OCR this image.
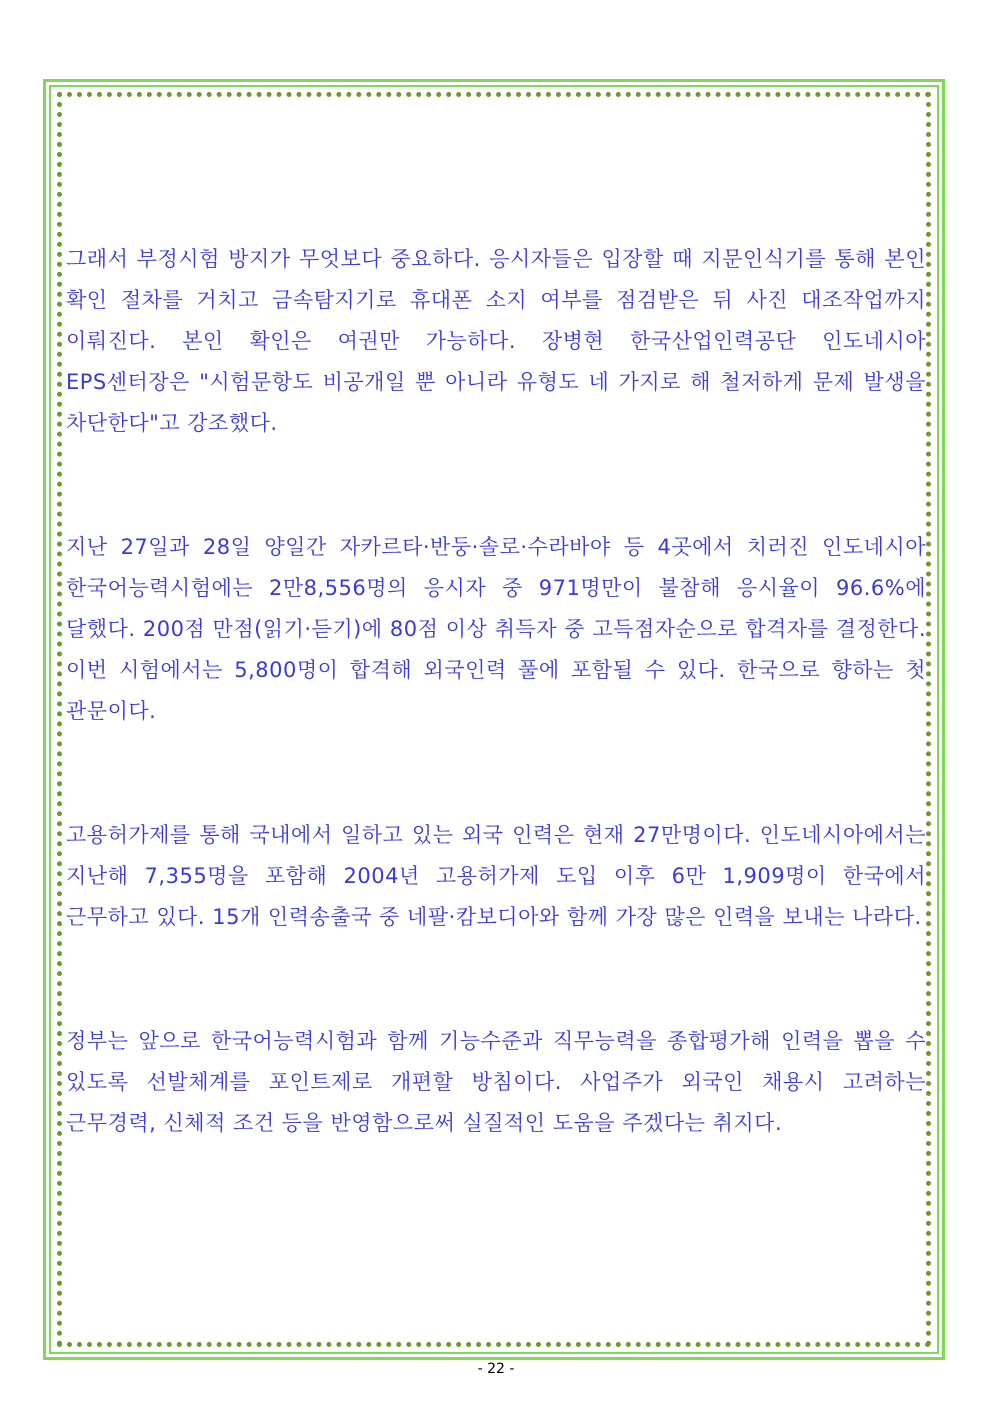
그래서 부정시험 방지가 무엇보다 중요하다. 응시자들은 입장할 때 지문인식기를 통해 본인 확인 절차를 거치고 금속탐지기로 휴대폰 소지 여부를 점검받은 뒤 사진 대조작업까지 이뤄진다. 본인 확인은 여권만 가능하다. 장병현 한국산업인력공단 인도네시아 EPS센터장은 "시험문항도 비공개일 뿐 아니라 유형도 네 가지로 해 철저하게 문제 발생을 차단한다"고 강조했다.

지난 27일과 28일 양일간 자카르타·반둥·솔로·수라바야 등 4곳에서 치러진 인도네시아 한국어능력시험에는 2만8,556명의 응시자 중 971명만이 불참해 응시율이 96.6%에 달했다. 200점 만점(읽기·듣기)에 80점 이상 취득자 중 고득점자순으로 합격자를 결정한다. 이번 시험에서는 5,800명이 합격해 외국인력 풀에 포함될 수 있다. 한국으로 향하는 첫 관문이다.

고용허가제를 통해 국내에서 일하고 있는 외국 인력은 현재 27만명이다. 인도네시아에서는 지난해 7,355명을 포함해 2004년 고용허가제 도입 이후 6만 1,909명이 한국에서 근무하고 있다. 15개 인력송출국 중 네팔·캄보디아와 함께 가장 많은 인력을 보내는 나라다.

정부는 앞으로 한국어능력시험과 함께 기능수준과 직무능력을 종합평가해 인력을 뽑을 수 있도록 선발체계를 포인트제로 개편할 방침이다. 사업주가 외국인 채용시 고려하는 근무경력, 신체적 조건 등을 반영함으로써 실질적인 도움을 주겠다는 취지다.

- 22 -
